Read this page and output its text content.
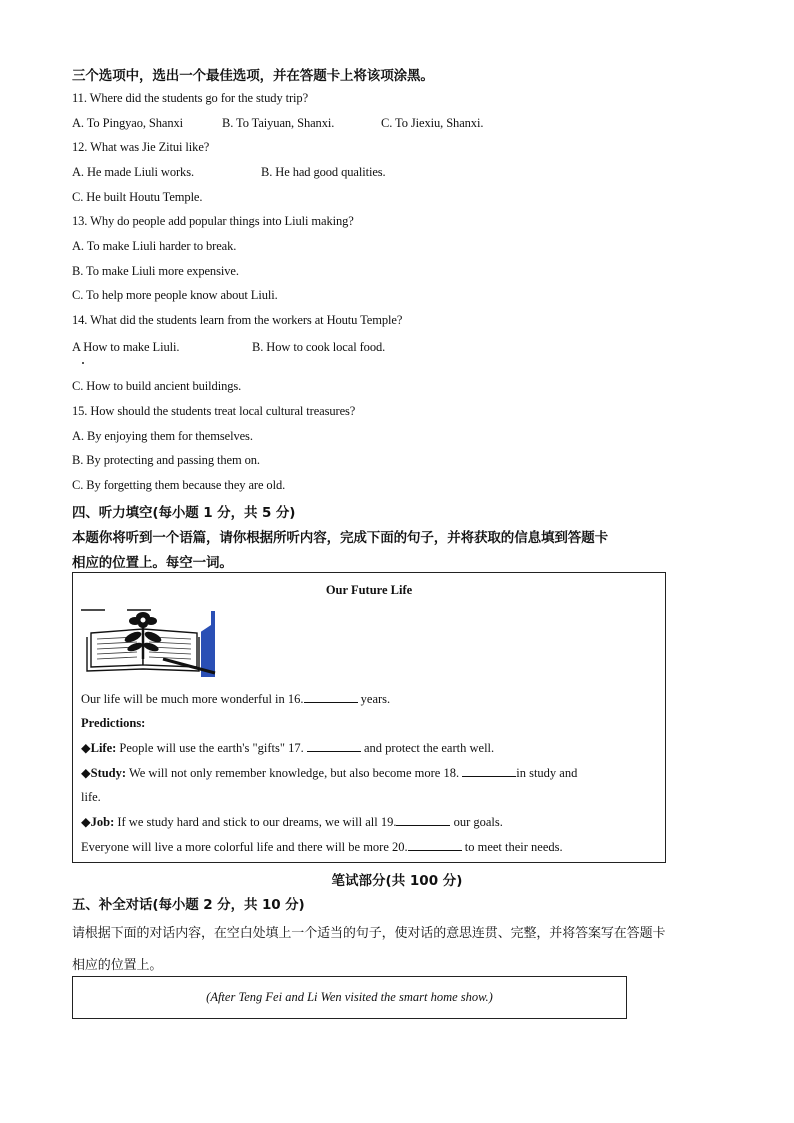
三个选项中，选出一个最佳选项，并在答题卡上将该项涂黑。
11. Where did the students go for the study trip?
A. To Pingyao, Shanxi	B. To Taiyuan, Shanxi.	C. To Jiexiu, Shanxi.
12. What was Jie Zitui like?
A. He made Liuli works.	B. He had good qualities.
C. He built Houtu Temple.
13. Why do people add popular things into Liuli making?
A. To make Liuli harder to break.
B. To make Liuli more expensive.
C. To help more people know about Liuli.
14. What did the students learn from the workers at Houtu Temple?
A How to make Liuli.	B. How to cook local food.
C. How to build ancient buildings.
15. How should the students treat local cultural treasures?
A. By enjoying them for themselves.
B. By protecting and passing them on.
C. By forgetting them because they are old.
四、听力填空(每小题 1 分，共 5 分)
本题你将听到一个语篇，请你根据所听内容，完成下面的句子，并将获取的信息填到答题卡
相应的位置上。每空一词。
Our Future Life
Our life will be much more wonderful in 16.	years.
Predictions:
◆Life: People will use the earth's "gifts" 17.	and protect the earth well.
◆Study: We will not only remember knowledge, but also become more 18.	in study and
life.
◆Job: If we study hard and stick to our dreams, we will all 19.	our goals.
Everyone will live a more colorful life and there will be more 20.	to meet their needs.
笔试部分(共 100 分)
五、补全对话(每小题 2 分，共 10 分)
请根据下面的对话内容，在空白处填上一个适当的句子，使对话的意思连贯、完整，并将答案写在答题卡
相应的位置上。
(After Teng Fei and Li Wen visited the smart home show.)
